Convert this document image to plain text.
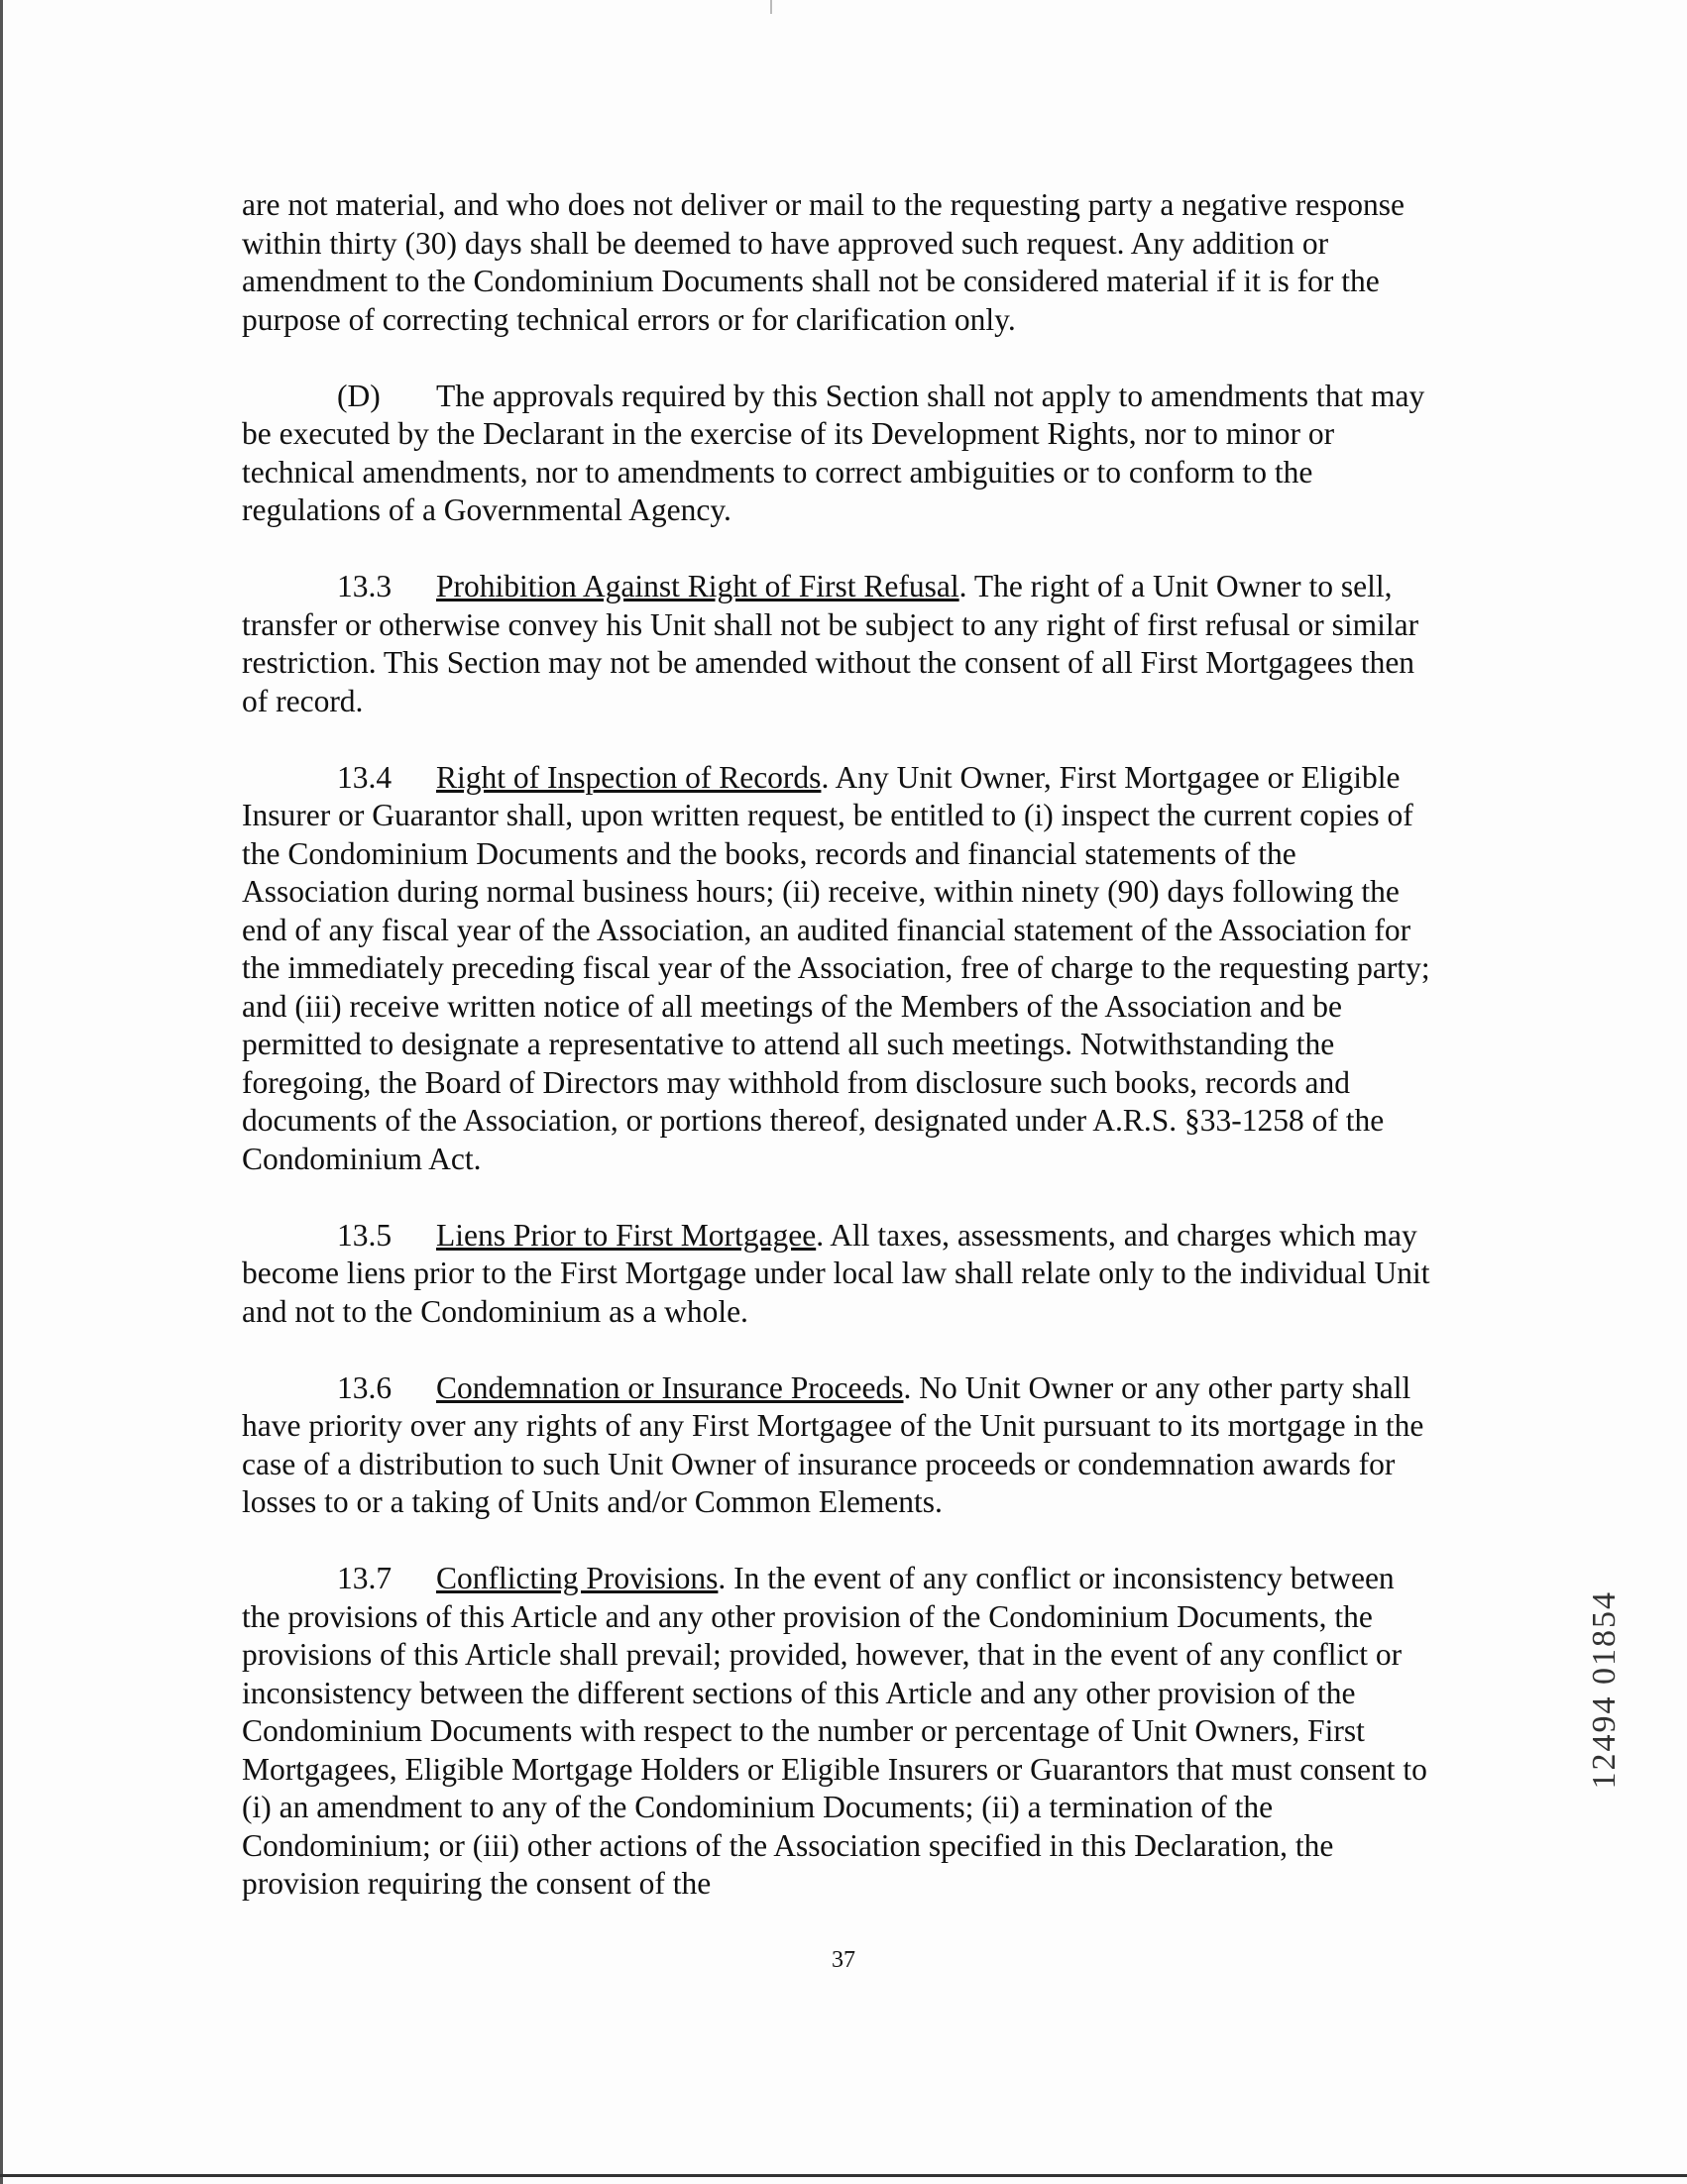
are not material, and who does not deliver or mail to the requesting party a negative response within thirty (30) days shall be deemed to have approved such request. Any addition or amendment to the Condominium Documents shall not be considered material if it is for the purpose of correcting technical errors or for clarification only.

(D) The approvals required by this Section shall not apply to amendments that may be executed by the Declarant in the exercise of its Development Rights, nor to minor or technical amendments, nor to amendments to correct ambiguities or to conform to the regulations of a Governmental Agency.

13.3 Prohibition Against Right of First Refusal. The right of a Unit Owner to sell, transfer or otherwise convey his Unit shall not be subject to any right of first refusal or similar restriction. This Section may not be amended without the consent of all First Mortgagees then of record.

13.4 Right of Inspection of Records. Any Unit Owner, First Mortgagee or Eligible Insurer or Guarantor shall, upon written request, be entitled to (i) inspect the current copies of the Condominium Documents and the books, records and financial statements of the Association during normal business hours; (ii) receive, within ninety (90) days following the end of any fiscal year of the Association, an audited financial statement of the Association for the immediately preceding fiscal year of the Association, free of charge to the requesting party; and (iii) receive written notice of all meetings of the Members of the Association and be permitted to designate a representative to attend all such meetings. Notwithstanding the foregoing, the Board of Directors may withhold from disclosure such books, records and documents of the Association, or portions thereof, designated under A.R.S. §33-1258 of the Condominium Act.

13.5 Liens Prior to First Mortgagee. All taxes, assessments, and charges which may become liens prior to the First Mortgage under local law shall relate only to the individual Unit and not to the Condominium as a whole.

13.6 Condemnation or Insurance Proceeds. No Unit Owner or any other party shall have priority over any rights of any First Mortgagee of the Unit pursuant to its mortgage in the case of a distribution to such Unit Owner of insurance proceeds or condemnation awards for losses to or a taking of Units and/or Common Elements.

13.7 Conflicting Provisions. In the event of any conflict or inconsistency between the provisions of this Article and any other provision of the Condominium Documents, the provisions of this Article shall prevail; provided, however, that in the event of any conflict or inconsistency between the different sections of this Article and any other provision of the Condominium Documents with respect to the number or percentage of Unit Owners, First Mortgagees, Eligible Mortgage Holders or Eligible Insurers or Guarantors that must consent to (i) an amendment to any of the Condominium Documents; (ii) a termination of the Condominium; or (iii) other actions of the Association specified in this Declaration, the provision requiring the consent of the

37
12494 01854
